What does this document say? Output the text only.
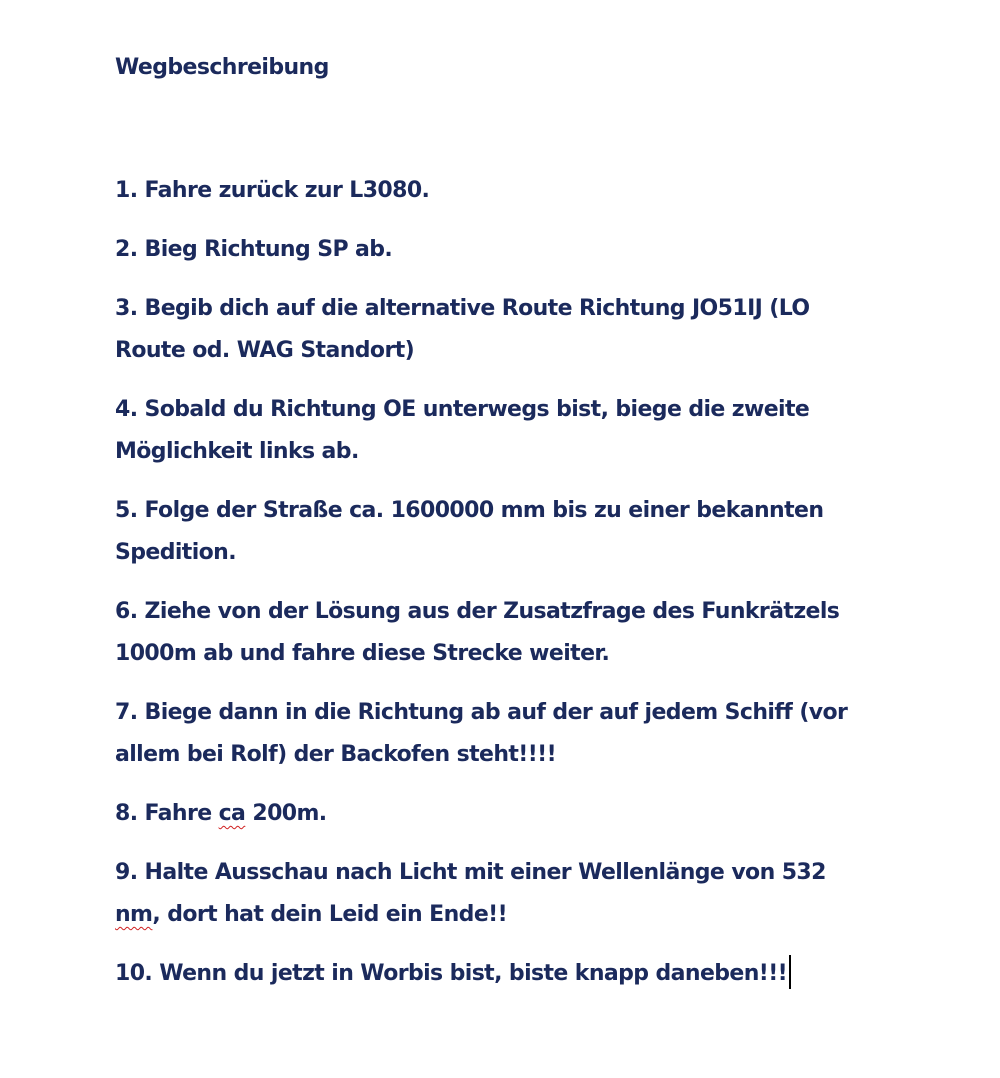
Wegbeschreibung
1. Fahre zurück zur L3080.
2. Bieg Richtung SP ab.
3. Begib dich auf die alternative Route Richtung JO51IJ (LO
Route od. WAG Standort)
4. Sobald du Richtung OE unterwegs bist, biege die zweite
Möglichkeit links ab.
5. Folge der Straße ca. 1600000 mm bis zu einer bekannten
Spedition.
6. Ziehe von der Lösung aus der Zusatzfrage des Funkrätzels
1000m ab und fahre diese Strecke weiter.
7. Biege dann in die Richtung ab auf der auf jedem Schiff (vor
allem bei Rolf) der Backofen steht!!!!
8. Fahre ca 200m.
9. Halte Ausschau nach Licht mit einer Wellenlänge von 532
nm, dort hat dein Leid ein Ende!!
10. Wenn du jetzt in Worbis bist, biste knapp daneben!!!
